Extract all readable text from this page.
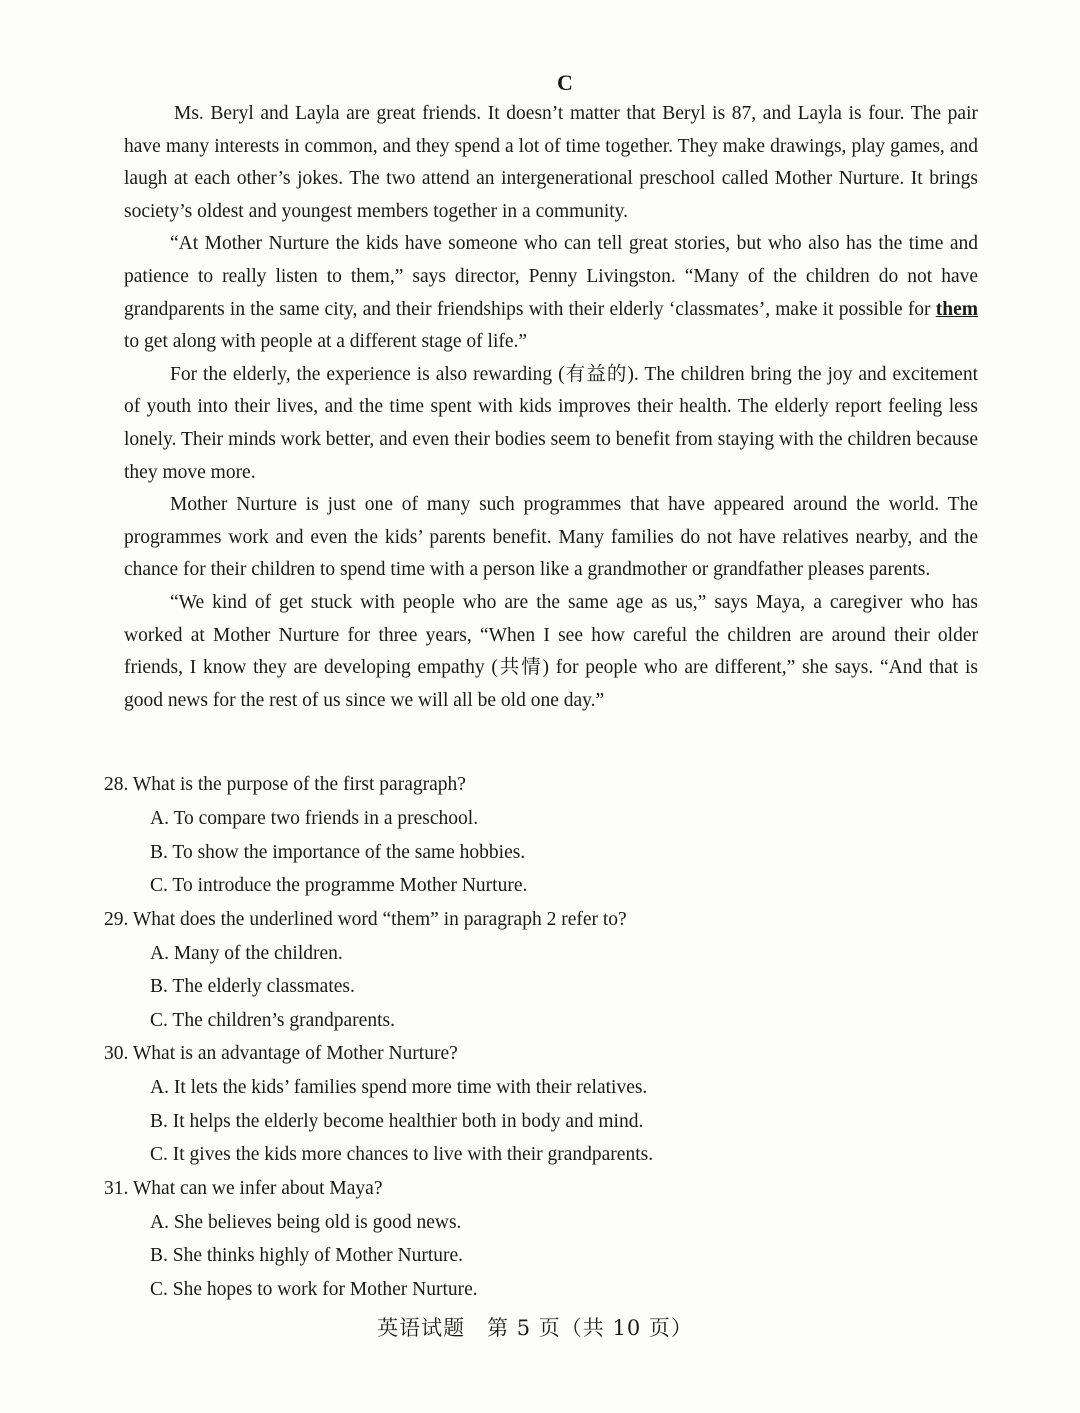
C

Ms. Beryl and Layla are great friends. It doesn’t matter that Beryl is 87, and Layla is four. The pair have many interests in common, and they spend a lot of time together. They make drawings, play games, and laugh at each other’s jokes. The two attend an intergenerational preschool called Mother Nurture. It brings society’s oldest and youngest members together in a community.

“At Mother Nurture the kids have someone who can tell great stories, but who also has the time and patience to really listen to them,” says director, Penny Livingston. “Many of the children do not have grandparents in the same city, and their friendships with their elderly ‘classmates’, make it possible for them to get along with people at a different stage of life.”

For the elderly, the experience is also rewarding (有益的). The children bring the joy and excitement of youth into their lives, and the time spent with kids improves their health. The elderly report feeling less lonely. Their minds work better, and even their bodies seem to benefit from staying with the children because they move more.

Mother Nurture is just one of many such programmes that have appeared around the world. The programmes work and even the kids’ parents benefit. Many families do not have relatives nearby, and the chance for their children to spend time with a person like a grandmother or grandfather pleases parents.

“We kind of get stuck with people who are the same age as us,” says Maya, a caregiver who has worked at Mother Nurture for three years, “When I see how careful the children are around their older friends, I know they are developing empathy (共情) for people who are different,” she says. “And that is good news for the rest of us since we will all be old one day.”

28. What is the purpose of the first paragraph?
A. To compare two friends in a preschool.
B. To show the importance of the same hobbies.
C. To introduce the programme Mother Nurture.
29. What does the underlined word “them” in paragraph 2 refer to?
A. Many of the children.
B. The elderly classmates.
C. The children’s grandparents.
30. What is an advantage of Mother Nurture?
A. It lets the kids’ families spend more time with their relatives.
B. It helps the elderly become healthier both in body and mind.
C. It gives the kids more chances to live with their grandparents.
31. What can we infer about Maya?
A. She believes being old is good news.
B. She thinks highly of Mother Nurture.
C. She hopes to work for Mother Nurture.
英语试题　第 5 页（共 10 页）
